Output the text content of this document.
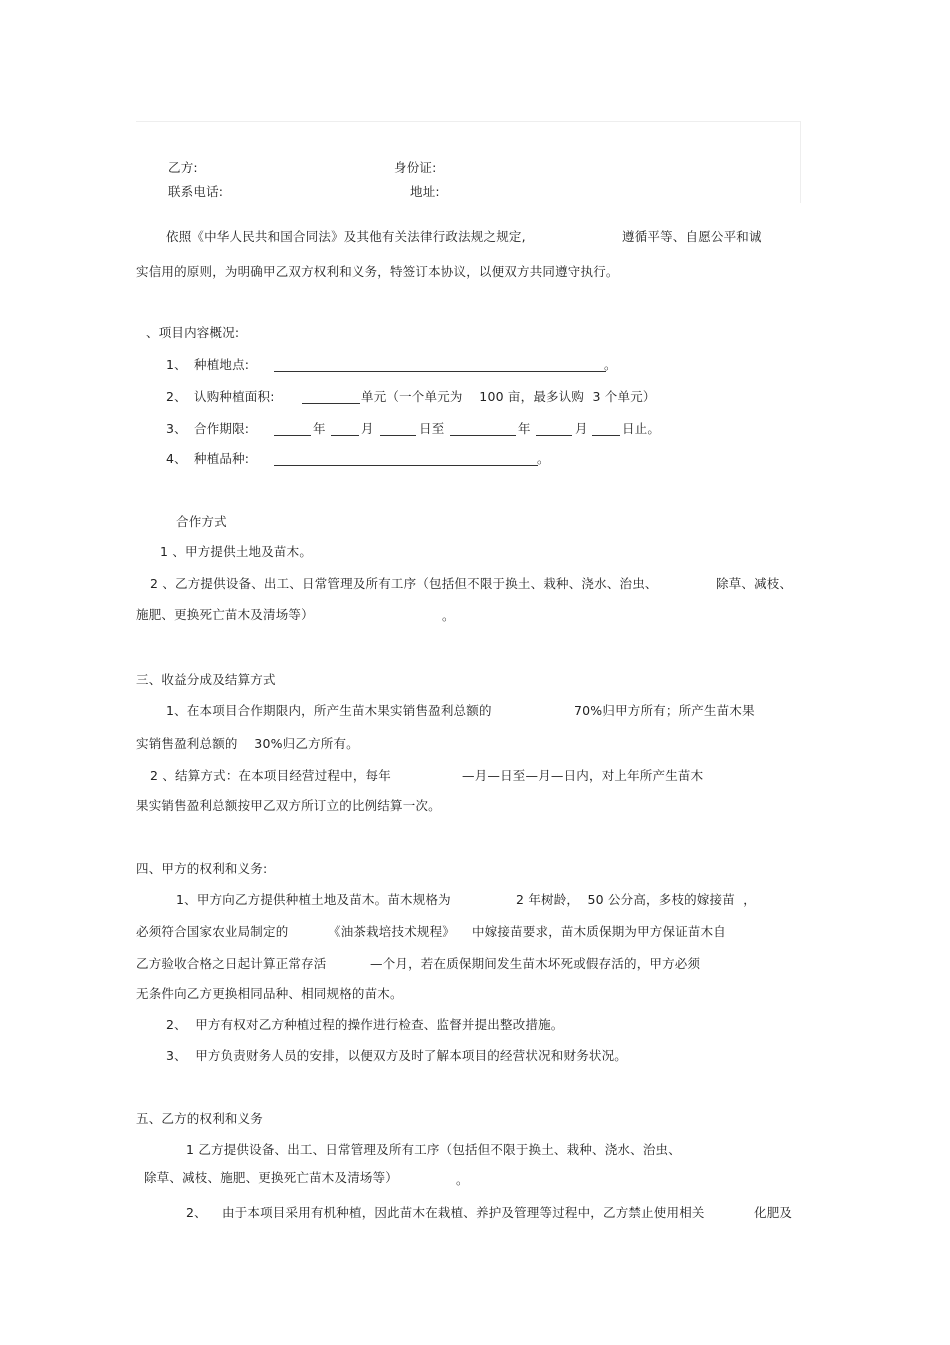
乙方:	身份证:
联系电话:	地址:
依照《中华人民共和国合同法》及其他有关法律行政法规之规定,	遵循平等、自愿公平和诚
实信用的原则，为明确甲乙双方权利和义务，特签订本协议，以便双方共同遵守执行。
、项目内容概况:
1、 种植地点:	。
2、 认购种植面积:	单元（一个单元为    100 亩，最多认购  3 个单元）
3、 合作期限:	年	月	日至	年	月	日止。
4、 种植品种:	。
合作方式
1 、甲方提供土地及苗木。
2 、乙方提供设备、出工、日常管理及所有工序（包括但不限于换土、栽种、浇水、治虫、	除草、减枝、
施肥、更换死亡苗木及清场等）	。
三、收益分成及结算方式
1、在本项目合作期限内，所产生苗木果实销售盈利总额的	70%归甲方所有；所产生苗木果
实销售盈利总额的    30%归乙方所有。
2 、结算方式：在本项目经营过程中，每年	—月—日至—月—日内，对上年所产生苗木
果实销售盈利总额按甲乙双方所订立的比例结算一次。
四、甲方的权利和义务:
1、甲方向乙方提供种植土地及苗木。苗木规格为	2 年树龄，  50 公分高，多枝的嫁接苗  ，
必须符合国家农业局制定的	《油茶栽培技术规程》 中嫁接苗要求，苗木质保期为甲方保证苗木自
乙方验收合格之日起计算正常存活	—个月，若在质保期间发生苗木坏死或假存活的，甲方必须
无条件向乙方更换相同品种、相同规格的苗木。
2、  甲方有权对乙方种植过程的操作进行检查、监督并提出整改措施。
3、  甲方负责财务人员的安排，以便双方及时了解本项目的经营状况和财务状况。
五、乙方的权利和义务
1 乙方提供设备、出工、日常管理及所有工序（包括但不限于换土、栽种、浇水、治虫、
除草、减枝、施肥、更换死亡苗木及清场等）	。
2、 由于本项目采用有机种植，因此苗木在栽植、养护及管理等过程中，乙方禁止使用相关	化肥及
